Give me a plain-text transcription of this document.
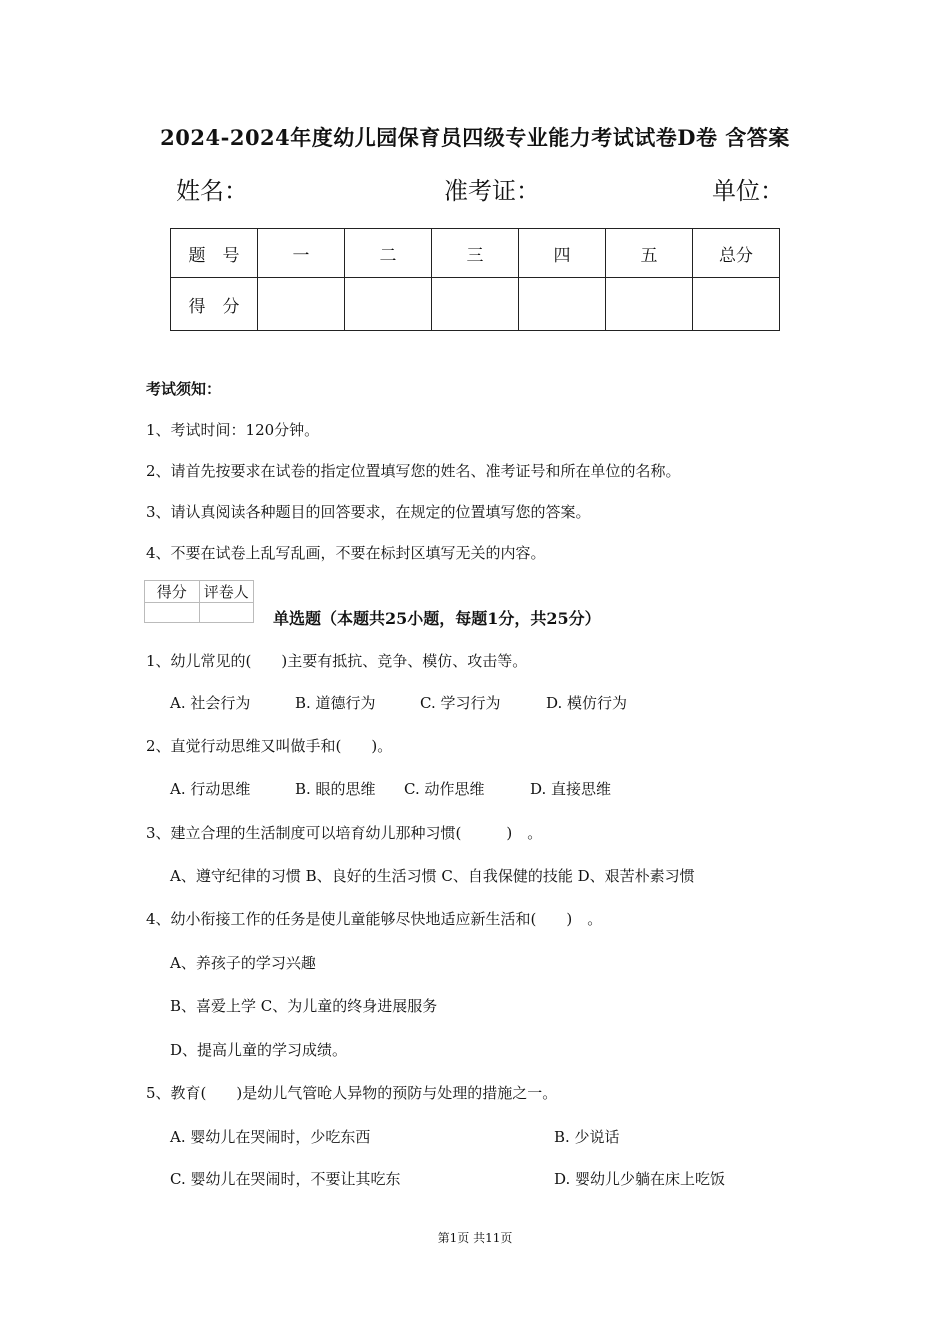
2024-2024年度幼儿园保育员四级专业能力考试试卷D卷 含答案
姓名：	准考证：	单位：
题　号	一	二	三	四	五	总分
得　分						
考试须知：
1、考试时间：120分钟。
2、请首先按要求在试卷的指定位置填写您的姓名、准考证号和所在单位的名称。
3、请认真阅读各种题目的回答要求，在规定的位置填写您的答案。
4、不要在试卷上乱写乱画，不要在标封区填写无关的内容。
得分	评卷人

单选题（本题共25小题，每题1分，共25分）
1、幼儿常见的(　　)主要有抵抗、竞争、模仿、攻击等。
A. 社会行为	B. 道德行为	C. 学习行为	D. 模仿行为
2、直觉行动思维又叫做手和(　　)。
A. 行动思维	B. 眼的思维 C. 动作思维	D. 直接思维
3、建立合理的生活制度可以培育幼儿那种习惯(　　　)　。
A、遵守纪律的习惯 B、良好的生活习惯 C、自我保健的技能 D、艰苦朴素习惯
4、幼小衔接工作的任务是使儿童能够尽快地适应新生活和(　　)　。
A、养孩子的学习兴趣
B、喜爱上学 C、为儿童的终身进展服务
D、提高儿童的学习成绩。
5、教育(　　)是幼儿气管呛人异物的预防与处理的措施之一。
A. 婴幼儿在哭闹时，少吃东西	B. 少说话
C. 婴幼儿在哭闹时，不要让其吃东	D. 婴幼儿少躺在床上吃饭
第1页 共11页
